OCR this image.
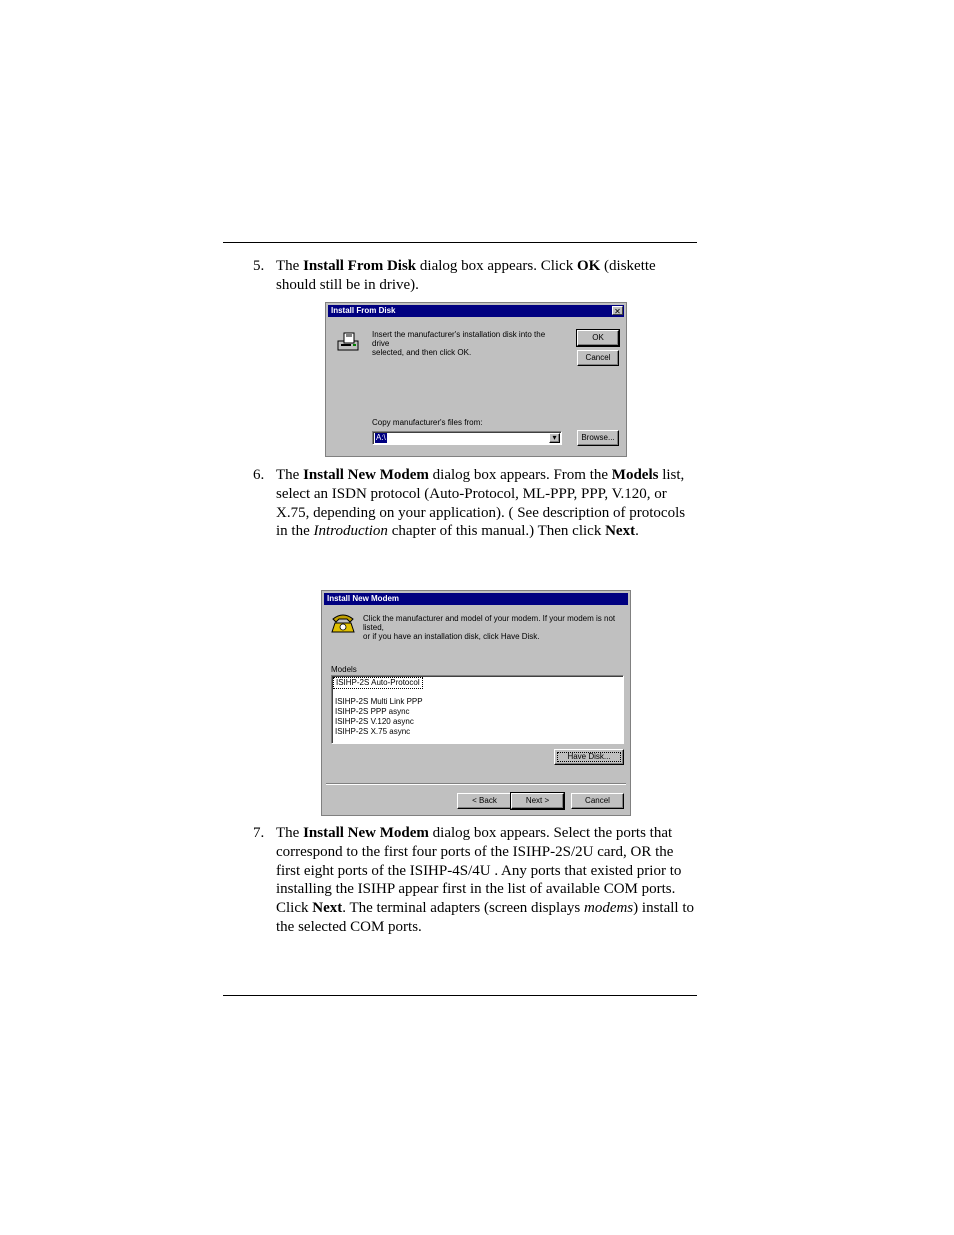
5. The Install From Disk dialog box appears. Click OK (diskette should still be in drive).
Install From Disk	✕
Insert the manufacturer's installation disk into the drive
selected, and then click OK.
OK
Cancel
Copy manufacturer's files from:
A:\	▾	Browse...
6. The Install New Modem dialog box appears. From the Models list, select an ISDN protocol (Auto-Protocol, ML-PPP, PPP, V.120, or X.75, depending on your application). ( See description of protocols in the Introduction chapter of this manual.) Then click Next.
Install New Modem
Click the manufacturer and model of your modem. If your modem is not listed,
or if you have an installation disk, click Have Disk.
Models
ISIHP-2S Auto-Protocol
ISIHP-2S Multi Link PPP
ISIHP-2S PPP async
ISIHP-2S V.120 async
ISIHP-2S X.75 async
Have Disk...
< Back	Next >	Cancel
7. The Install New Modem dialog box appears. Select the ports that correspond to the first four ports of the ISIHP-2S/2U card, OR the first eight ports of the ISIHP-4S/4U . Any ports that existed prior to installing the ISIHP appear first in the list of available COM ports. Click Next. The terminal adapters (screen displays modems) install to the selected COM ports.
